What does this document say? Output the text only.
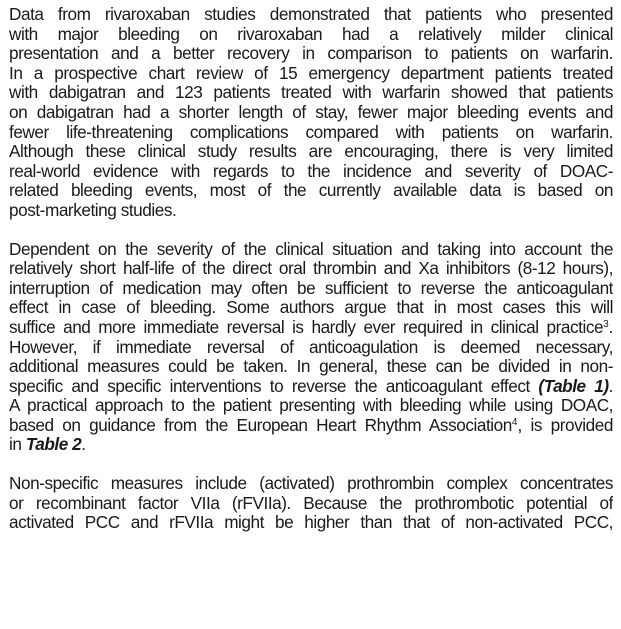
Data from rivaroxaban studies demonstrated that patients who presented
with major bleeding on rivaroxaban had a relatively milder clinical
presentation and a better recovery in comparison to patients on warfarin.
In a prospective chart review of 15 emergency department patients treated
with dabigatran and 123 patients treated with warfarin showed that patients
on dabigatran had a shorter length of stay, fewer major bleeding events and
fewer life-threatening complications compared with patients on warfarin.
Although these clinical study results are encouraging, there is very limited
real-world evidence with regards to the incidence and severity of DOAC-
related bleeding events, most of the currently available data is based on
post-marketing studies.

Dependent on the severity of the clinical situation and taking into account the
relatively short half-life of the direct oral thrombin and Xa inhibitors (8-12 hours),
interruption of medication may often be sufficient to reverse the anticoagulant
effect in case of bleeding. Some authors argue that in most cases this will
suffice and more immediate reversal is hardly ever required in clinical practice$^3$.
However, if immediate reversal of anticoagulation is deemed necessary,
additional measures could be taken. In general, these can be divided in non-
specific and specific interventions to reverse the anticoagulant effect (Table 1).
A practical approach to the patient presenting with bleeding while using DOAC,
based on guidance from the European Heart Rhythm Association$^4$, is provided
in Table 2.

Non-specific measures include (activated) prothrombin complex concentrates
or recombinant factor VIIa (rFVIIa). Because the prothrombotic potential of
activated PCC and rFVIIa might be higher than that of non-activated PCC,
